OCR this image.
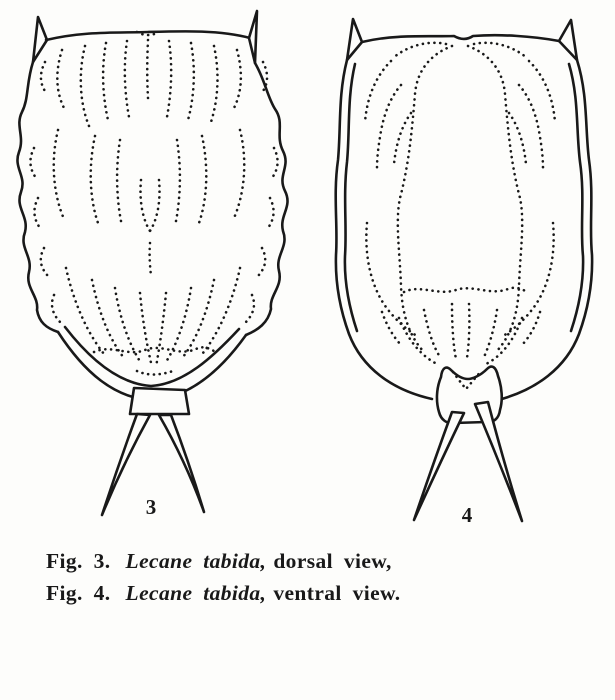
3	4
Fig. 3. Lecane tabida, dorsal view,
Fig. 4. Lecane tabida, ventral view.
